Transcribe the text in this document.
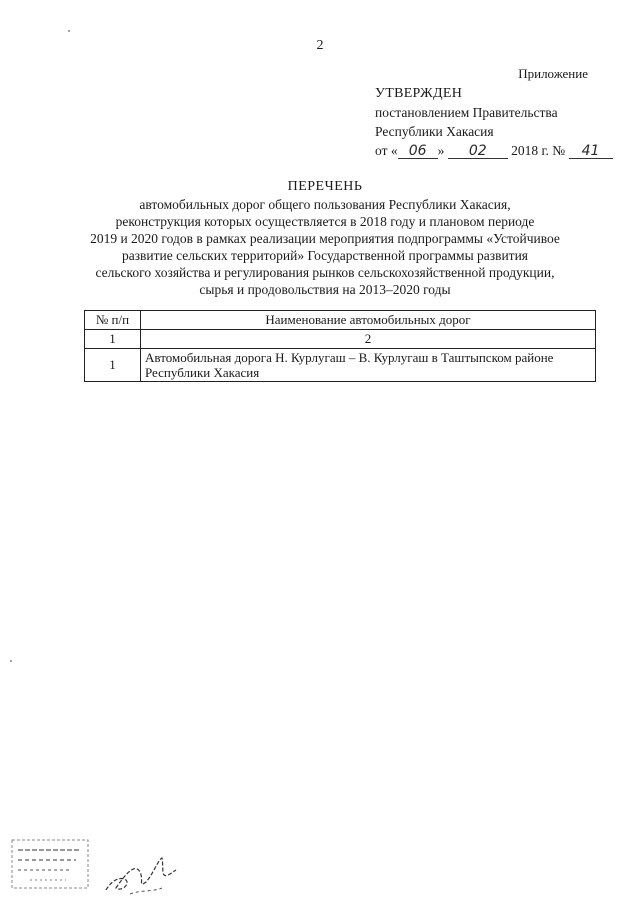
2
Приложение
УТВЕРЖДЕН
постановлением Правительства
Республики Хакасия
от « 06 » 02 2018 г. № 41
ПЕРЕЧЕНЬ
автомобильных дорог общего пользования Республики Хакасия,
реконструкция которых осуществляется в 2018 году и плановом периоде
2019 и 2020 годов в рамках реализации мероприятия подпрограммы «Устойчивое
развитие сельских территорий» Государственной программы развития
сельского хозяйства и регулирования рынков сельскохозяйственной продукции,
сырья и продовольствия на 2013–2020 годы
№ п/п	Наименование автомобильных дорог
1	2
1	Автомобильная дорога Н. Курлугаш – В. Курлугаш в Таштыпском районе Республики Хакасия
